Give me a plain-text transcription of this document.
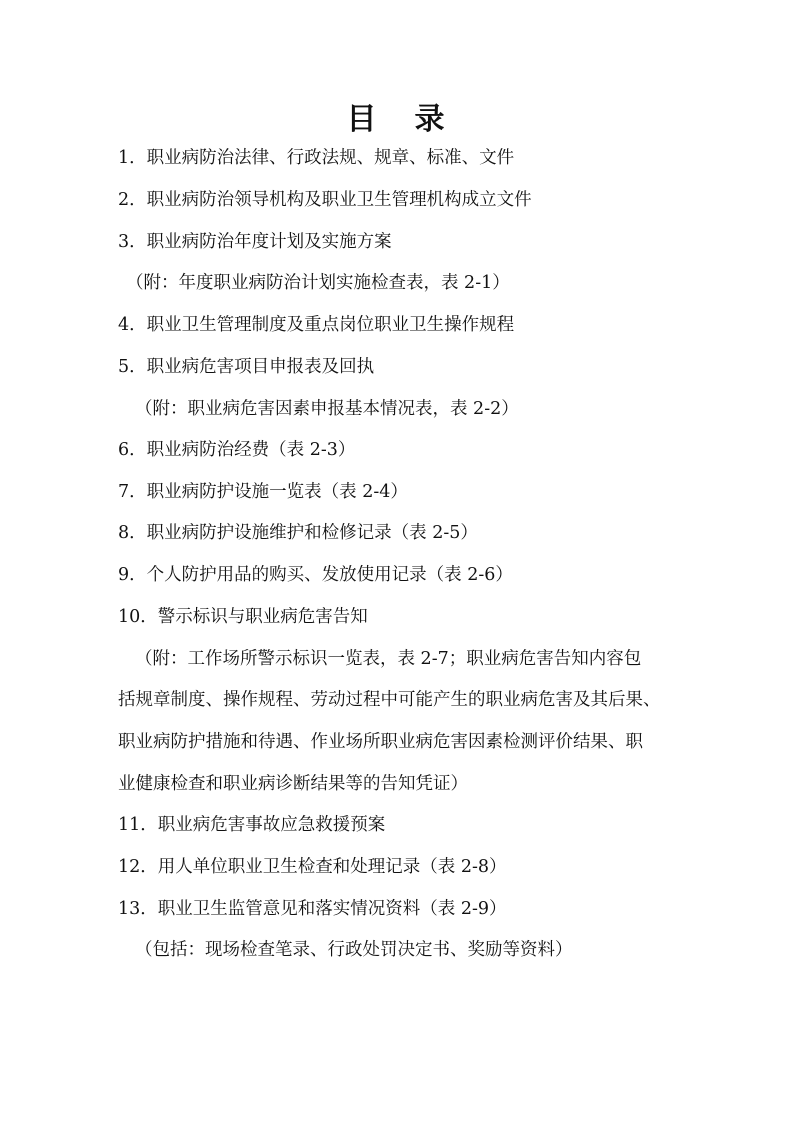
目 录
1．职业病防治法律、行政法规、规章、标准、文件
2．职业病防治领导机构及职业卫生管理机构成立文件
3．职业病防治年度计划及实施方案
（附：年度职业病防治计划实施检查表，表 2-1）
4．职业卫生管理制度及重点岗位职业卫生操作规程
5．职业病危害项目申报表及回执
（附：职业病危害因素申报基本情况表，表 2-2）
6．职业病防治经费（表 2-3）
7．职业病防护设施一览表（表 2-4）
8．职业病防护设施维护和检修记录（表 2-5）
9．个人防护用品的购买、发放使用记录（表 2-6）
10．警示标识与职业病危害告知
（附：工作场所警示标识一览表，表 2-7；职业病危害告知内容包
括规章制度、操作规程、劳动过程中可能产生的职业病危害及其后果、
职业病防护措施和待遇、作业场所职业病危害因素检测评价结果、职
业健康检查和职业病诊断结果等的告知凭证）
11．职业病危害事故应急救援预案
12．用人单位职业卫生检查和处理记录（表 2-8）
13．职业卫生监管意见和落实情况资料（表 2-9）
（包括：现场检查笔录、行政处罚决定书、奖励等资料）
